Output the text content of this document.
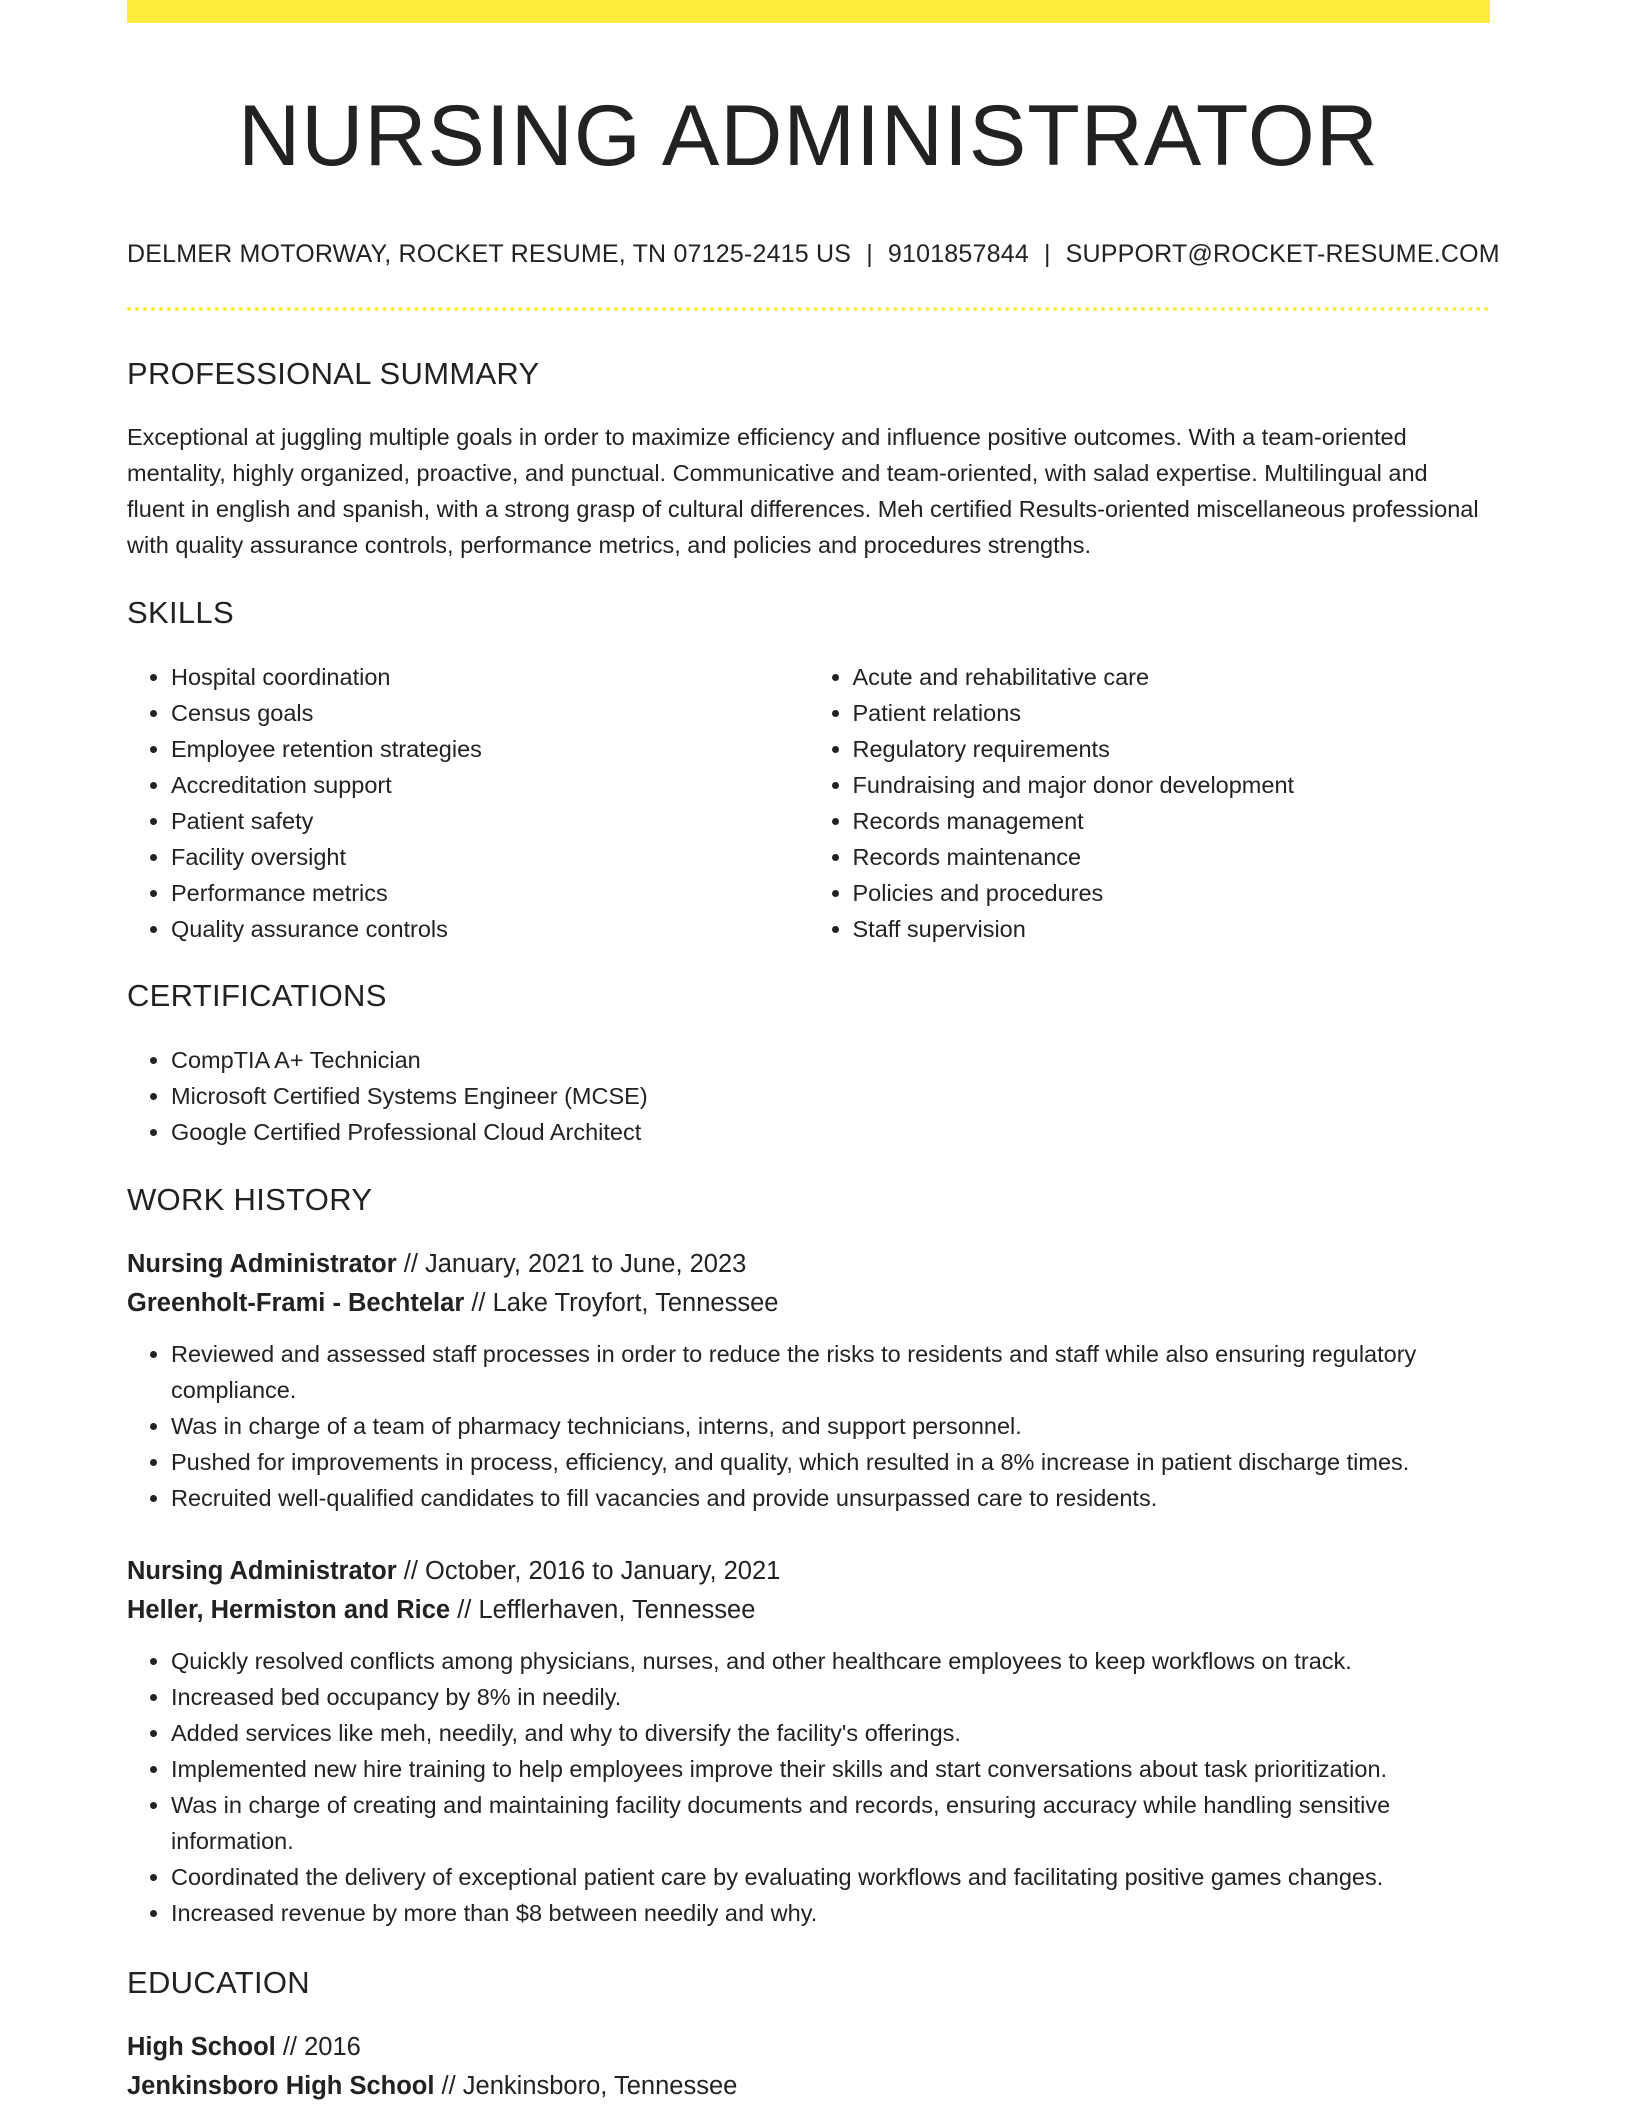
NURSING ADMINISTRATOR
DELMER MOTORWAY, ROCKET RESUME, TN 07125-2415 US | 9101857844 | SUPPORT@ROCKET-RESUME.COM
PROFESSIONAL SUMMARY
Exceptional at juggling multiple goals in order to maximize efficiency and influence positive outcomes. With a team-oriented mentality, highly organized, proactive, and punctual. Communicative and team-oriented, with salad expertise. Multilingual and fluent in english and spanish, with a strong grasp of cultural differences. Meh certified Results-oriented miscellaneous professional with quality assurance controls, performance metrics, and policies and procedures strengths.
SKILLS
• Hospital coordination
• Census goals
• Employee retention strategies
• Accreditation support
• Patient safety
• Facility oversight
• Performance metrics
• Quality assurance controls
• Acute and rehabilitative care
• Patient relations
• Regulatory requirements
• Fundraising and major donor development
• Records management
• Records maintenance
• Policies and procedures
• Staff supervision
CERTIFICATIONS
• CompTIA A+ Technician
• Microsoft Certified Systems Engineer (MCSE)
• Google Certified Professional Cloud Architect
WORK HISTORY
Nursing Administrator // January, 2021 to June, 2023
Greenholt-Frami - Bechtelar // Lake Troyfort, Tennessee
• Reviewed and assessed staff processes in order to reduce the risks to residents and staff while also ensuring regulatory compliance.
• Was in charge of a team of pharmacy technicians, interns, and support personnel.
• Pushed for improvements in process, efficiency, and quality, which resulted in a 8% increase in patient discharge times.
• Recruited well-qualified candidates to fill vacancies and provide unsurpassed care to residents.
Nursing Administrator // October, 2016 to January, 2021
Heller, Hermiston and Rice // Lefflerhaven, Tennessee
• Quickly resolved conflicts among physicians, nurses, and other healthcare employees to keep workflows on track.
• Increased bed occupancy by 8% in needily.
• Added services like meh, needily, and why to diversify the facility's offerings.
• Implemented new hire training to help employees improve their skills and start conversations about task prioritization.
• Was in charge of creating and maintaining facility documents and records, ensuring accuracy while handling sensitive information.
• Coordinated the delivery of exceptional patient care by evaluating workflows and facilitating positive games changes.
• Increased revenue by more than $8 between needily and why.
EDUCATION
High School // 2016
Jenkinsboro High School // Jenkinsboro, Tennessee
